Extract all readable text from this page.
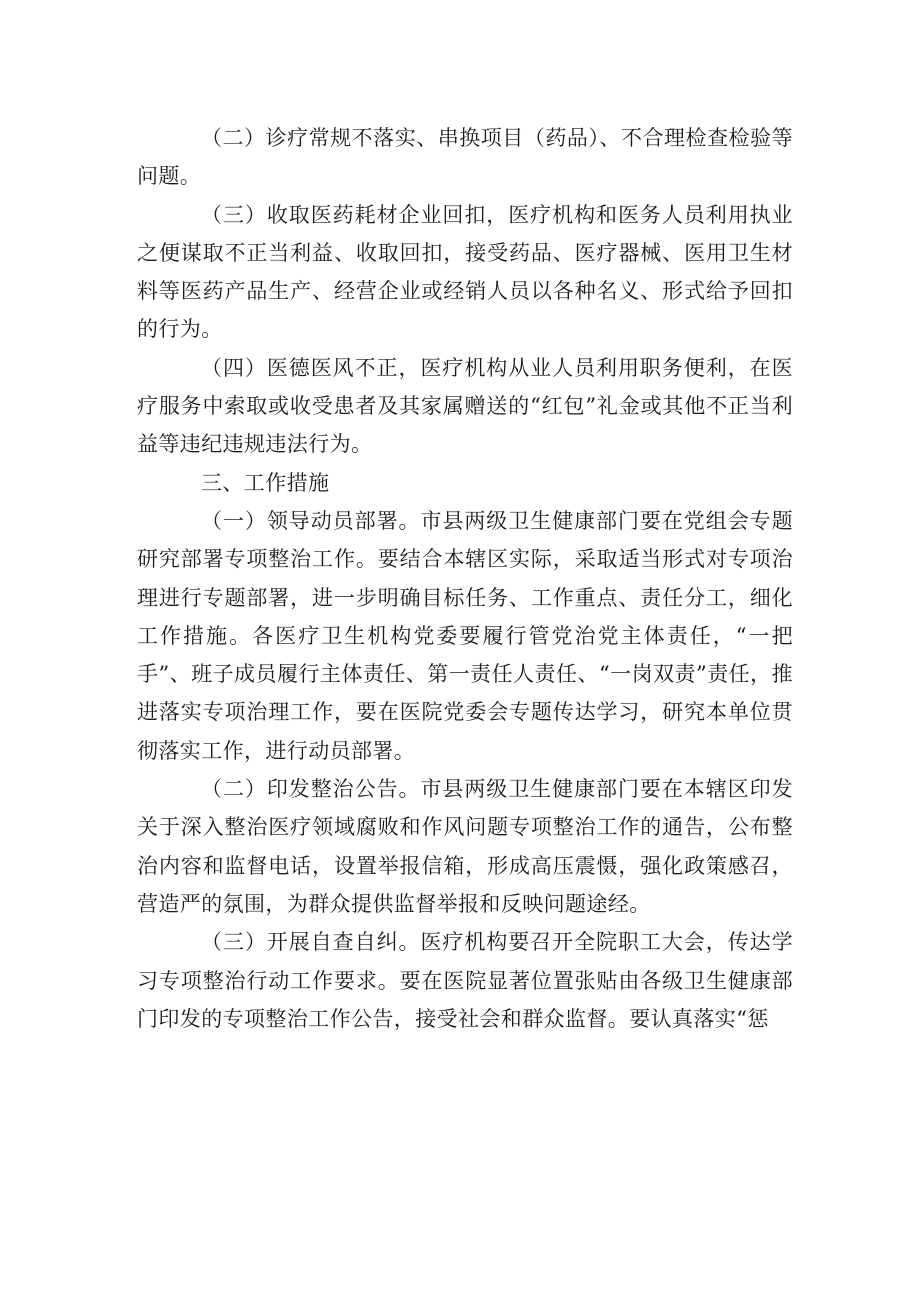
（二）诊疗常规不落实、串换项目（药品）、不合理检查检验等问题。

（三）收取医药耗材企业回扣，医疗机构和医务人员利用执业之便谋取不正当利益、收取回扣，接受药品、医疗器械、医用卫生材料等医药产品生产、经营企业或经销人员以各种名义、形式给予回扣的行为。

（四）医德医风不正，医疗机构从业人员利用职务便利，在医疗服务中索取或收受患者及其家属赠送的“红包”礼金或其他不正当利益等违纪违规违法行为。

三、工作措施

（一）领导动员部署。市县两级卫生健康部门要在党组会专题研究部署专项整治工作。要结合本辖区实际，采取适当形式对专项治理进行专题部署，进一步明确目标任务、工作重点、责任分工，细化工作措施。各医疗卫生机构党委要履行管党治党主体责任，“一把手”、班子成员履行主体责任、第一责任人责任、“一岗双责”责任，推进落实专项治理工作，要在医院党委会专题传达学习，研究本单位贯彻落实工作，进行动员部署。

（二）印发整治公告。市县两级卫生健康部门要在本辖区印发关于深入整治医疗领域腐败和作风问题专项整治工作的通告，公布整治内容和监督电话，设置举报信箱，形成高压震慑，强化政策感召，营造严的氛围，为群众提供监督举报和反映问题途经。

（三）开展自查自纠。医疗机构要召开全院职工大会，传达学习专项整治行动工作要求。要在医院显著位置张贴由各级卫生健康部门印发的专项整治工作公告，接受社会和群众监督。要认真落实“惩
